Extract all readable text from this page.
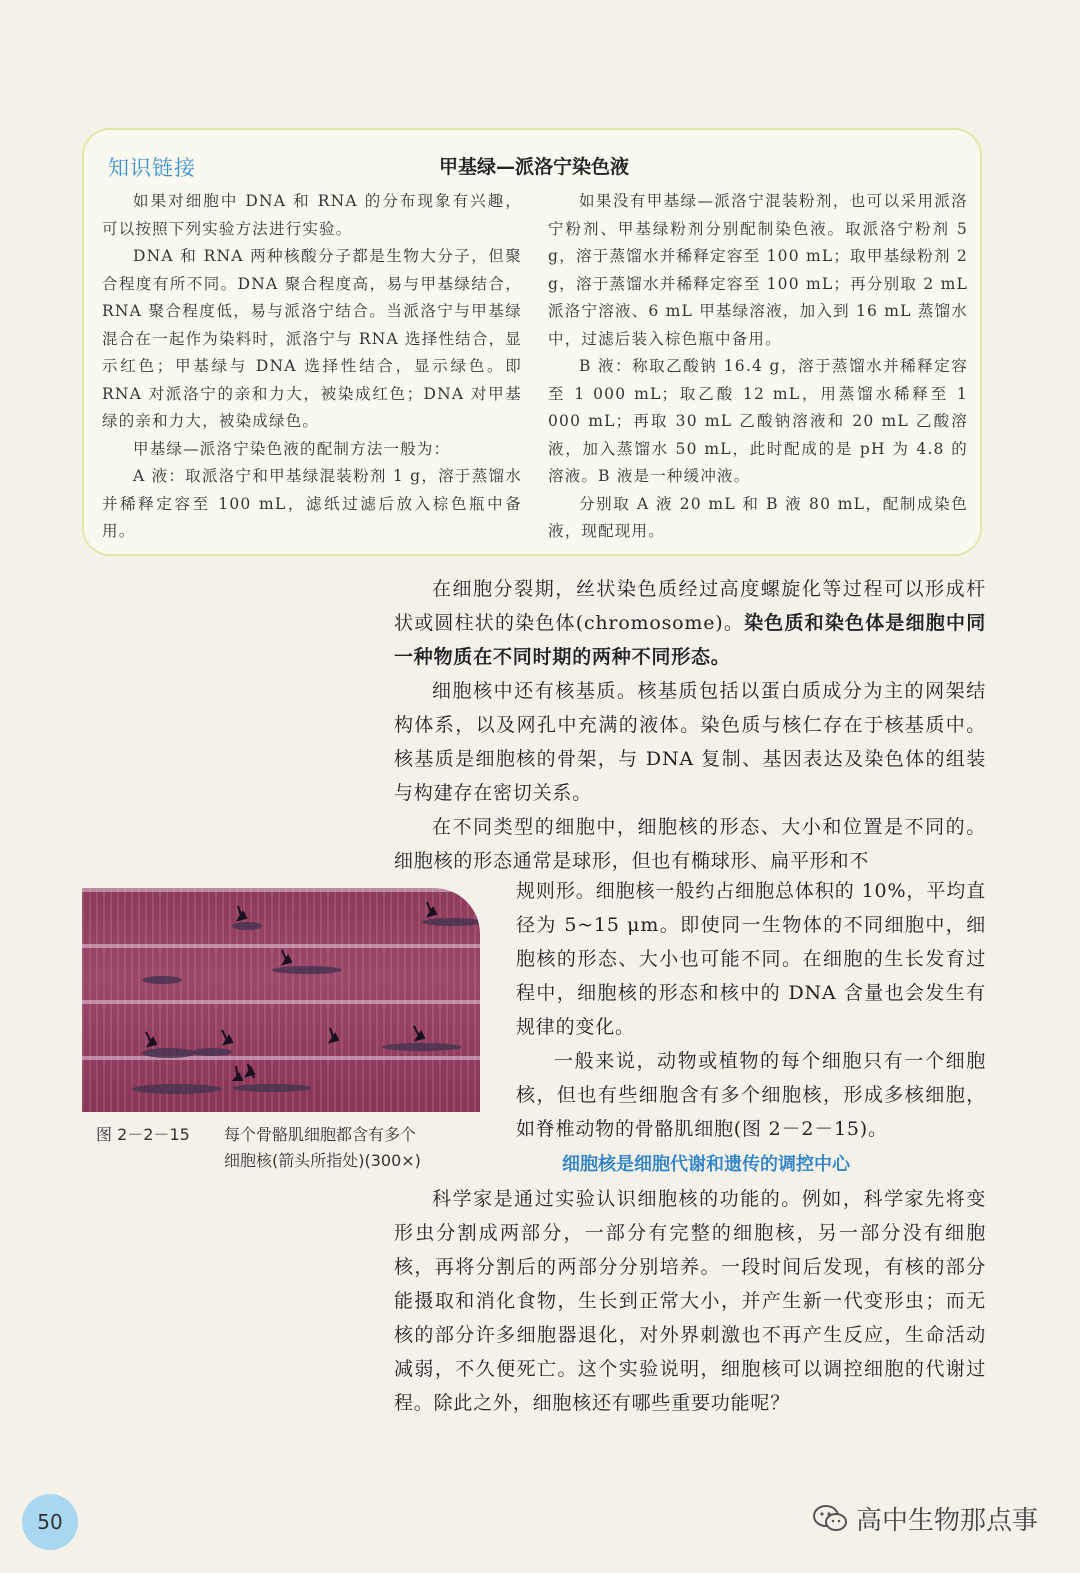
知识链接	甲基绿—派洛宁染色液

如果对细胞中 DNA 和 RNA 的分布现象有兴趣，可以按照下列实验方法进行实验。

DNA 和 RNA 两种核酸分子都是生物大分子，但聚合程度有所不同。DNA 聚合程度高，易与甲基绿结合，RNA 聚合程度低，易与派洛宁结合。当派洛宁与甲基绿混合在一起作为染料时，派洛宁与 RNA 选择性结合，显示红色；甲基绿与 DNA 选择性结合，显示绿色。即 RNA 对派洛宁的亲和力大，被染成红色；DNA 对甲基绿的亲和力大，被染成绿色。

甲基绿—派洛宁染色液的配制方法一般为：

A 液：取派洛宁和甲基绿混装粉剂 1 g，溶于蒸馏水并稀释定容至 100 mL，滤纸过滤后放入棕色瓶中备用。

如果没有甲基绿—派洛宁混装粉剂，也可以采用派洛宁粉剂、甲基绿粉剂分别配制染色液。取派洛宁粉剂 5 g，溶于蒸馏水并稀释定容至 100 mL；取甲基绿粉剂 2 g，溶于蒸馏水并稀释定容至 100 mL；再分别取 2 mL 派洛宁溶液、6 mL 甲基绿溶液，加入到 16 mL 蒸馏水中，过滤后装入棕色瓶中备用。

B 液：称取乙酸钠 16.4 g，溶于蒸馏水并稀释定容至 1 000 mL；取乙酸 12 mL，用蒸馏水稀释至 1 000 mL；再取 30 mL 乙酸钠溶液和 20 mL 乙酸溶液，加入蒸馏水 50 mL，此时配成的是 pH 为 4.8 的溶液。B 液是一种缓冲液。

分别取 A 液 20 mL 和 B 液 80 mL，配制成染色液，现配现用。

在细胞分裂期，丝状染色质经过高度螺旋化等过程可以形成杆状或圆柱状的染色体(chromosome)。染色质和染色体是细胞中同一种物质在不同时期的两种不同形态。

细胞核中还有核基质。核基质包括以蛋白质成分为主的网架结构体系，以及网孔中充满的液体。染色质与核仁存在于核基质中。核基质是细胞核的骨架，与 DNA 复制、基因表达及染色体的组装与构建存在密切关系。

在不同类型的细胞中，细胞核的形态、大小和位置是不同的。细胞核的形态通常是球形，但也有椭球形、扁平形和不

规则形。细胞核一般约占细胞总体积的 10%，平均直径为 5~15 μm。即使同一生物体的不同细胞中，细胞核的形态、大小也可能不同。在细胞的生长发育过程中，细胞核的形态和核中的 DNA 含量也会发生有规律的变化。

一般来说，动物或植物的每个细胞只有一个细胞核，但也有些细胞含有多个细胞核，形成多核细胞，如脊椎动物的骨骼肌细胞(图 2－2－15)。

图 2－2－15 每个骨骼肌细胞都含有多个
细胞核(箭头所指处)(300×)	细胞核是细胞代谢和遗传的调控中心

科学家是通过实验认识细胞核的功能的。例如，科学家先将变形虫分割成两部分，一部分有完整的细胞核，另一部分没有细胞核，再将分割后的两部分分别培养。一段时间后发现，有核的部分能摄取和消化食物，生长到正常大小，并产生新一代变形虫；而无核的部分许多细胞器退化，对外界刺激也不再产生反应，生命活动减弱，不久便死亡。这个实验说明，细胞核可以调控细胞的代谢过程。除此之外，细胞核还有哪些重要功能呢？

50	高中生物那点事
